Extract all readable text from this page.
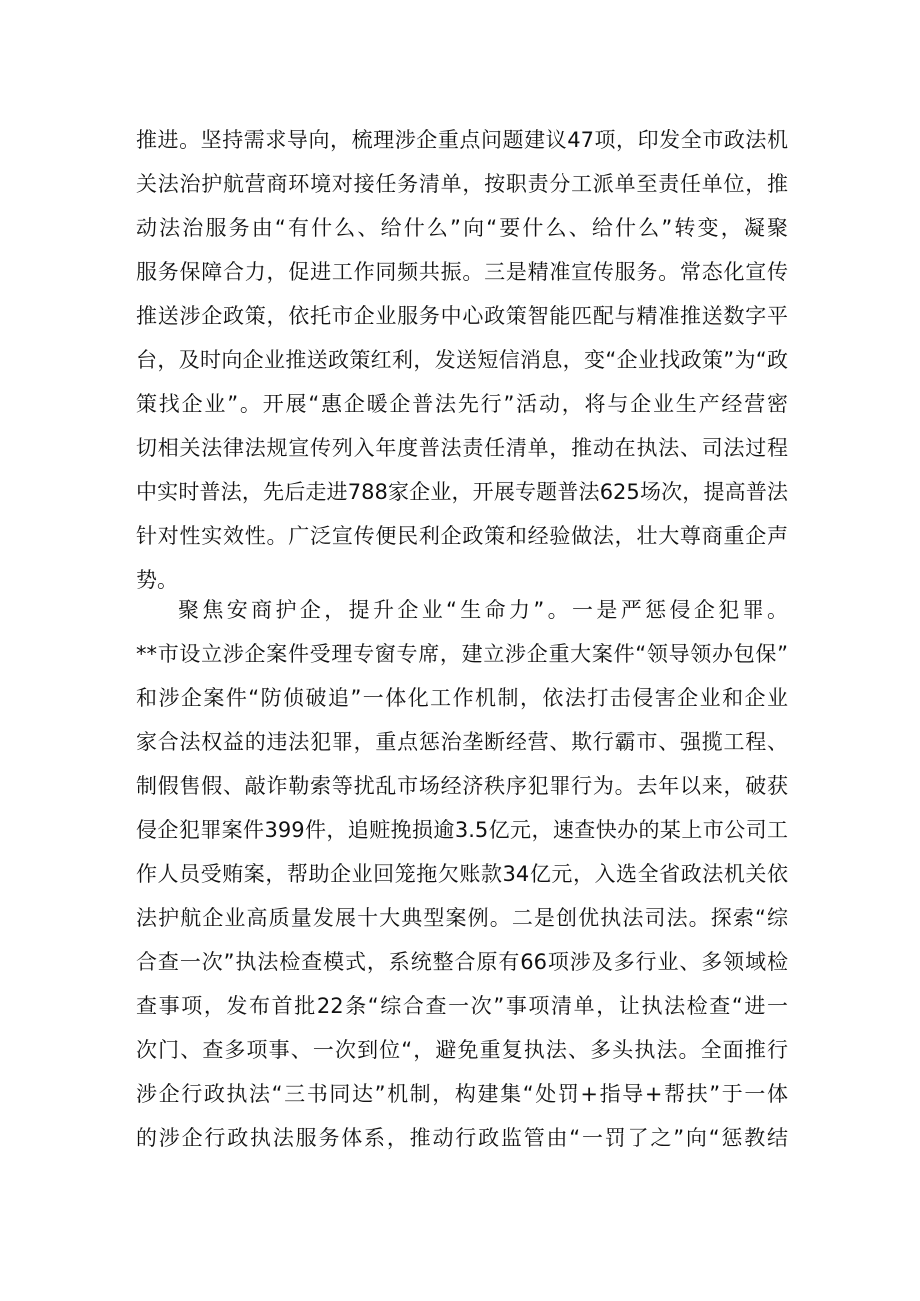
推进。坚持需求导向，梳理涉企重点问题建议47项，印发全市政法机
关法治护航营商环境对接任务清单，按职责分工派单至责任单位，推
动法治服务由“有什么、给什么”向“要什么、给什么”转变，凝聚
服务保障合力，促进工作同频共振。三是精准宣传服务。常态化宣传
推送涉企政策，依托市企业服务中心政策智能匹配与精准推送数字平
台，及时向企业推送政策红利，发送短信消息，变“企业找政策”为“政
策找企业”。开展“惠企暖企普法先行”活动，将与企业生产经营密
切相关法律法规宣传列入年度普法责任清单，推动在执法、司法过程
中实时普法，先后走进788家企业，开展专题普法625场次，提高普法
针对性实效性。广泛宣传便民利企政策和经验做法，壮大尊商重企声
势。
聚焦安商护企，提升企业“生命力”。一是严惩侵企犯罪。
**市设立涉企案件受理专窗专席，建立涉企重大案件“领导领办包保”
和涉企案件“防侦破追”一体化工作机制，依法打击侵害企业和企业
家合法权益的违法犯罪，重点惩治垄断经营、欺行霸市、强揽工程、
制假售假、敲诈勒索等扰乱市场经济秩序犯罪行为。去年以来，破获
侵企犯罪案件399件，追赃挽损逾3.5亿元，速查快办的某上市公司工
作人员受贿案，帮助企业回笼拖欠账款34亿元，入选全省政法机关依
法护航企业高质量发展十大典型案例。二是创优执法司法。探索“综
合查一次”执法检查模式，系统整合原有66项涉及多行业、多领域检
查事项，发布首批22条“综合查一次”事项清单，让执法检查“进一
次门、查多项事、一次到位“，避免重复执法、多头执法。全面推行
涉企行政执法“三书同达”机制，构建集“处罚+指导+帮扶”于一体
的涉企行政执法服务体系，推动行政监管由“一罚了之”向“惩教结
